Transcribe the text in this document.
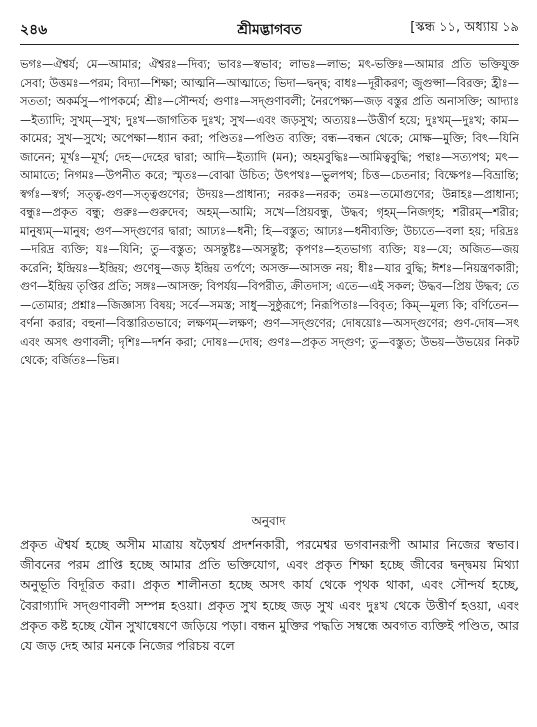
২৪৬	শ্রীমদ্ভাগবত	[স্কন্ধ ১১, অধ্যায় ১৯

ভগঃ—ঐশ্বর্য; মে—আমার; ঐশ্বরঃ—দিব্য; ভাবঃ—স্বভাব; লাভঃ—লাভ; মৎ-ভক্তিঃ—আমার প্রতি ভক্তিযুক্ত সেবা; উত্তমঃ—পরম; বিদ্যা—শিক্ষা; আত্মনি—আত্মাতে; ভিদা—দ্বন্দ্ব; বাধঃ—দূরীকরণ; জুগুপ্সা—বিরক্ত; হ্রীঃ—সততা; অকর্মসু—পাপকর্মে; শ্রীঃ—সৌন্দর্য; গুণাঃ—সদ্গুণাবলী; নৈরপেক্ষ্য—জড় বস্তুর প্রতি অনাসক্তি; আদ্যাঃ—ইত্যাদি; সুখম্—সুখ; দুঃখ—জাগতিক দুঃখ; সুখ—এবং জড়সুখ; অত্যয়ঃ—উত্তীর্ণ হয়ে; দুঃখম্—দুঃখ; কাম—কামের; সুখ—সুখে; অপেক্ষা—ধ্যান করা; পণ্ডিতঃ—পণ্ডিত ব্যক্তি; বন্ধ—বন্ধন থেকে; মোক্ষ—মুক্তি; বিৎ—যিনি জানেন; মূর্খঃ—মূর্খ; দেহ—দেহের দ্বারা; আদি—ইত্যাদি (মন); অহমবুদ্ধিঃ—আমিত্ববুদ্ধি; পন্থাঃ—সত্যপথ; মৎ—আমাতে; নিগমঃ—উপনীত করে; স্মৃতঃ—বোঝা উচিত; উৎপথঃ—ভুলপথ; চিত্ত—চেতনার; বিক্ষেপঃ—বিভ্রান্তি; স্বর্গঃ—স্বর্গ; সত্ত্ব-গুণ—সত্ত্বগুণের; উদয়ঃ—প্রাধান্য; নরকঃ—নরক; তমঃ—তমোগুণের; উন্নাহঃ—প্রাধান্য; বন্ধুঃ—প্রকৃত বন্ধু; গুরুঃ—গুরুদেব; অহম্—আমি; সখে—প্রিয়বন্ধু, উদ্ধব; গৃহম্—নিজগৃহ; শরীরম্—শরীর; মানুষ্যম্—মানুষ; গুণ—সদ্গুণের দ্বারা; আঢ্যঃ—ধনী; হি—বস্তুত; আঢ্যঃ—ধনীব্যক্তি; উচ্যতে—বলা হয়; দরিদ্রঃ—দরিদ্র ব্যক্তি; যঃ—যিনি; তু—বস্তুত; অসন্তুষ্টঃ—অসন্তুষ্ট; কৃপণঃ—হতভাগ্য ব্যক্তি; যঃ—যে; অজিত—জয় করেনি; ইন্দ্রিয়ঃ—ইন্দ্রিয়; গুণেষু—জড় ইন্দ্রিয় তর্পণে; অসক্ত—আসক্ত নয়; ধীঃ—যার বুদ্ধি; ঈশঃ—নিয়ন্ত্রণকারী; গুণ—ইন্দ্রিয় তৃপ্তির প্রতি; সঙ্গঃ—আসক্ত; বিপর্যয়—বিপরীত, ক্রীতদাস; এতে—এই সকল; উদ্ধব—প্রিয় উদ্ধব; তে—তোমার; প্রশ্নাঃ—জিজ্ঞাস্য বিষয়; সর্বে—সমস্ত; সাধু—সুষ্ঠুরূপে; নিরূপিতাঃ—বিবৃত; কিম্—মূল্য কি; বর্ণিতেন—বর্ণনা করার; বহুনা—বিস্তারিতভাবে; লক্ষণম্—লক্ষণ; গুণ—সদ্গুণের; দোষয়োঃ—অসদ্গুণের; গুণ-দোষ—সৎ এবং অসৎ গুণাবলী; দৃশিঃ—দর্শন করা; দোষঃ—দোষ; গুণঃ—প্রকৃত সদ্গুণ; তু—বস্তুত; উভয়—উভয়ের নিকট থেকে; বর্জিতঃ—ভিন্ন।

অনুবাদ

প্রকৃত ঐশ্বর্য হচ্ছে অসীম মাত্রায় ষড়ৈশ্বর্য প্রদর্শনকারী, পরমেশ্বর ভগবানরূপী আমার নিজের স্বভাব। জীবনের পরম প্রাপ্তি হচ্ছে আমার প্রতি ভক্তিযোগ, এবং প্রকৃত শিক্ষা হচ্ছে জীবের দ্বন্দ্বময় মিথ্যা অনুভূতি বিদূরিত করা। প্রকৃত শালীনতা হচ্ছে অসৎ কার্য থেকে পৃথক থাকা, এবং সৌন্দর্য হচ্ছে, বৈরাগ্যাদি সদ্গুণাবলী সম্পন্ন হওয়া। প্রকৃত সুখ হচ্ছে জড় সুখ এবং দুঃখ থেকে উত্তীর্ণ হওয়া, এবং প্রকৃত কষ্ট হচ্ছে যৌন সুখান্বেষণে জড়িয়ে পড়া। বন্ধন মুক্তির পদ্ধতি সম্বন্ধে অবগত ব্যক্তিই পণ্ডিত, আর যে জড় দেহ আর মনকে নিজের পরিচয় বলে
